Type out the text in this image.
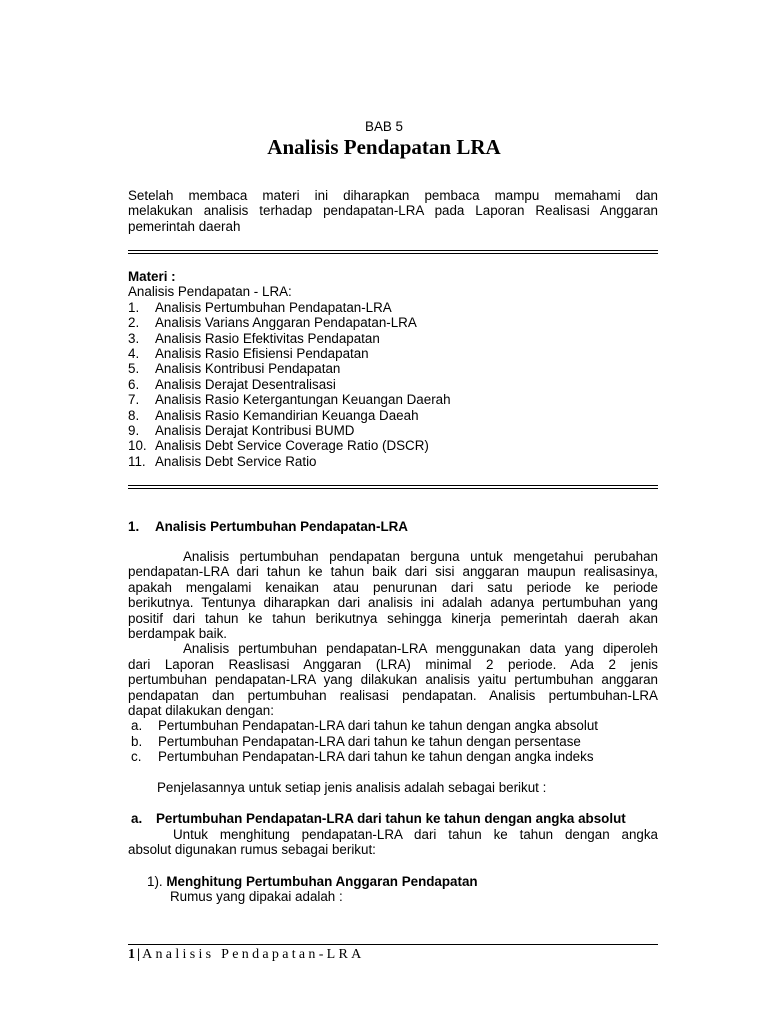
BAB 5
Analisis Pendapatan LRA
Setelah membaca materi ini diharapkan pembaca mampu memahami dan
melakukan analisis terhadap pendapatan-LRA pada Laporan Realisasi Anggaran
pemerintah daerah
Materi :
Analisis Pendapatan - LRA:
1.	Analisis Pertumbuhan Pendapatan-LRA
2.	Analisis Varians Anggaran Pendapatan-LRA
3.	Analisis Rasio Efektivitas Pendapatan
4.	Analisis Rasio Efisiensi Pendapatan
5.	Analisis Kontribusi Pendapatan
6.	Analisis Derajat Desentralisasi
7.	Analisis Rasio Ketergantungan Keuangan Daerah
8.	Analisis Rasio Kemandirian Keuanga Daeah
9.	Analisis Derajat Kontribusi BUMD
10. Analisis Debt Service Coverage Ratio (DSCR)
11. Analisis Debt Service Ratio
1.	Analisis Pertumbuhan Pendapatan-LRA
Analisis pertumbuhan pendapatan berguna untuk mengetahui perubahan
pendapatan-LRA dari tahun ke tahun baik dari sisi anggaran maupun realisasinya,
apakah mengalami kenaikan atau penurunan dari satu periode ke periode
berikutnya. Tentunya diharapkan dari analisis ini adalah adanya pertumbuhan yang
positif dari tahun ke tahun berikutnya sehingga kinerja pemerintah daerah akan
berdampak baik.
Analisis pertumbuhan pendapatan-LRA menggunakan data yang diperoleh
dari Laporan Reaslisasi Anggaran (LRA) minimal 2 periode. Ada 2 jenis
pertumbuhan pendapatan-LRA yang dilakukan analisis yaitu pertumbuhan anggaran
pendapatan dan pertumbuhan realisasi pendapatan. Analisis pertumbuhan-LRA
dapat dilakukan dengan:
a.	Pertumbuhan Pendapatan-LRA dari tahun ke tahun dengan angka absolut
b.	Pertumbuhan Pendapatan-LRA dari tahun ke tahun dengan persentase
c.	Pertumbuhan Pendapatan-LRA dari tahun ke tahun dengan angka indeks
Penjelasannya untuk setiap jenis analisis adalah sebagai berikut :
a.	Pertumbuhan Pendapatan-LRA dari tahun ke tahun dengan angka absolut
Untuk menghitung pendapatan-LRA dari tahun ke tahun dengan angka
absolut digunakan rumus sebagai berikut:
1). Menghitung Pertumbuhan Anggaran Pendapatan
Rumus yang dipakai adalah :
1 | Analisis Pendapatan-LRA
